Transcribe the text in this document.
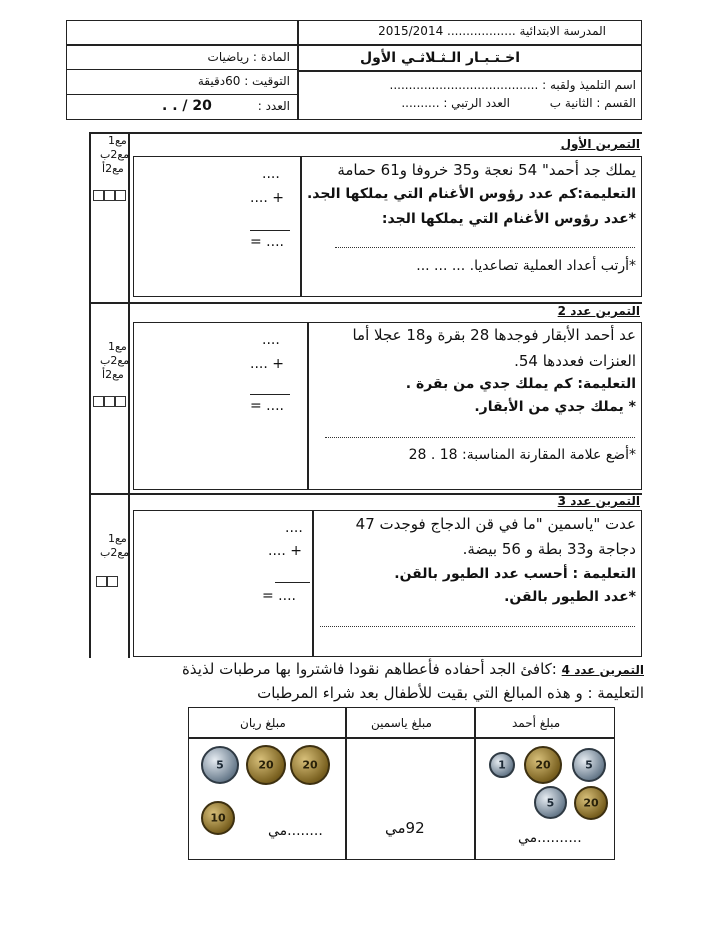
المدرسة الابتدائية .................. 2015/2014
اخـتـبـار الـثـلاثـي الأول
اسم التلميذ ولقبه : .......................................
القسم : الثانية ب
العدد الرتبي : ..........
المادة : رياضيات
التوقيت : 60دقيقة
العدد :
. . / 20
مع1
مع2ب
مع2أ
مع1
مع2ب
مع2أ
مع1
مع2ب
التمرين الأول
يملك جد أحمد" 54 نعجة و35 خروفا و61 حمامة
التعليمة:كم عدد رؤوس الأغنام التي يملكها الجد.
*عدد رؤوس الأغنام التي يملكها الجد:
*أرتب أعداد العملية تصاعديا. ... ... ...
....
.... +
= ....
التمرين عدد 2
عد أحمد الأبقار فوجدها 28 بقرة و18 عجلا أما
العنزات فعددها 54.
التعليمة: كم يملك جدي من بقرة .
* يملك جدي من الأبقار.
*أضع علامة المقارنة المناسبة: 18 . 28
....
.... +
= ....
التمرين عدد 3
عدت "ياسمين "ما في قن الدجاج فوجدت 47
دجاجة و33 بطة و 56 بيضة.
التعليمة : أحسب عدد الطيور بالقن.
*عدد الطيور بالقن.
....
.... +
= ....
التمرين عدد 4 :كافئ الجد أحفاده فأعطاهم نقودا فاشتروا بها مرطبات لذيذة
التعليمة : و هذه المبالغ التي بقيت للأطفال بعد شراء المرطبات
مبلغ أحمد
مبلغ ياسمين
مبلغ ريان
5
20
1
20
5
20
20
5
10
..........مي
92مي
........مي
